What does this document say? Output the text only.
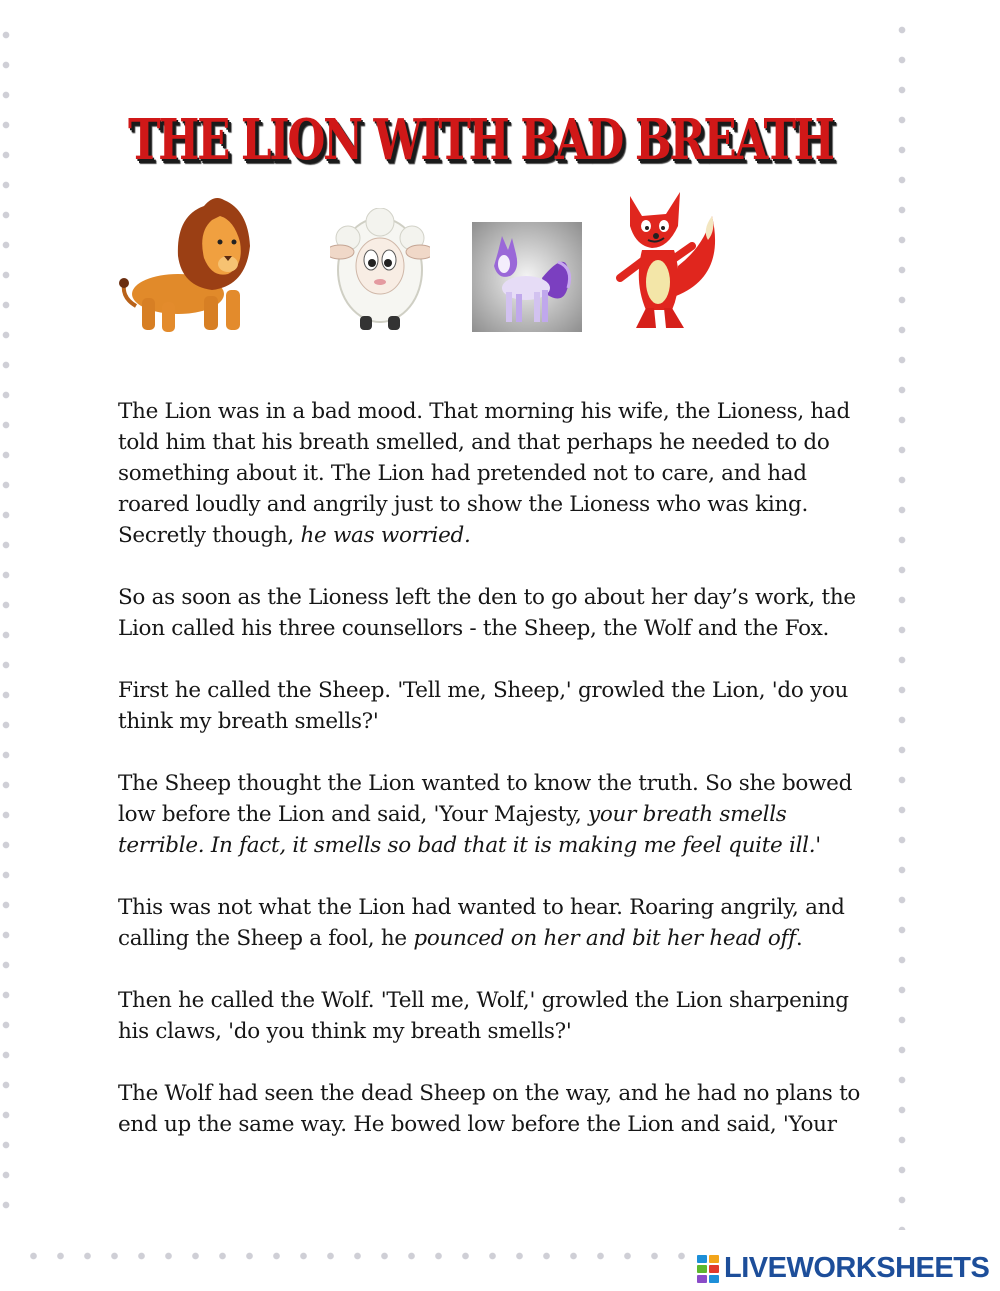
THE LION WITH BAD BREATH

The Lion was in a bad mood. That morning his wife, the Lioness, had told him that his breath smelled, and that perhaps he needed to do something about it. The Lion had pretended not to care, and had roared loudly and angrily just to show the Lioness who was king. Secretly though, he was worried.

So as soon as the Lioness left the den to go about her day’s work, the Lion called his three counsellors - the Sheep, the Wolf and the Fox.

First he called the Sheep. 'Tell me, Sheep,' growled the Lion, 'do you think my breath smells?'

The Sheep thought the Lion wanted to know the truth. So she bowed low before the Lion and said, 'Your Majesty, your breath smells terrible. In fact, it smells so bad that it is making me feel quite ill.'

This was not what the Lion had wanted to hear. Roaring angrily, and calling the Sheep a fool, he pounced on her and bit her head off.

Then he called the Wolf. 'Tell me, Wolf,' growled the Lion sharpening his claws, 'do you think my breath smells?'

The Wolf had seen the dead Sheep on the way, and he had no plans to end up the same way. He bowed low before the Lion and said, 'Your

LIVEWORKSHEETS
